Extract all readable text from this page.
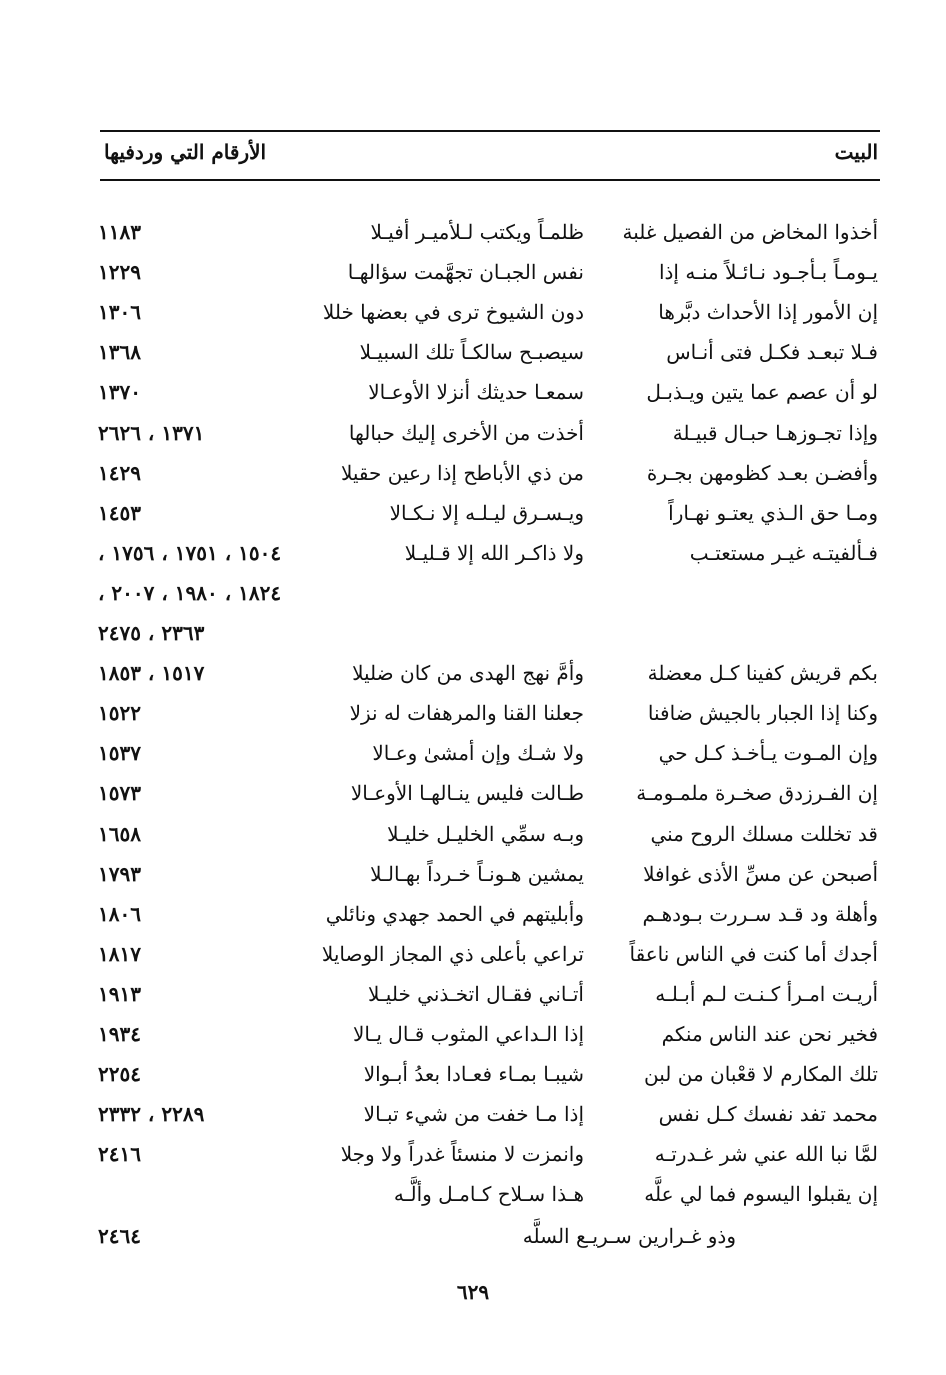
البيت
الأرقام التي وردفيها
أخذوا المخاض من الفصيل غلبة
ظلمـاً ويكتب لـلأميـر أفيـلا
١١٨٣
يـومـاً بـأجـود نـائـلاً منـه إذا
نفس الجبـان تجهَّمت سؤالهـا
١٢٢٩
إن الأمور إذا الأحداث دبَّرها
دون الشيوخ ترى في بعضها خللا
١٣٠٦
فـلا تبعـد فكـل فتى أنـاس
سيصبـح سالكـاً تلك السبيـلا
١٣٦٨
لو أن عصم عما يتين ويـذبـل
سمعـا حديثك أنزلا الأوعـالا
١٣٧٠
وإذا تجـوزهـا حبـال قبيـلة
أخذت من الأخرى إليك حبالها
١٣٧١ ، ٢٦٢٦
وأفضـن بعـد كظومهن بجـرة
من ذي الأباطح إذا رعين حقيلا
١٤٢٩
ومـا حق الـذي يعتـو نهـاراً
ويـسـرق ليـلـه إلا نـكـالا
١٤٥٣
فـألفيتـه غيـر مستعتـب
ولا ذاكـر الله إلا قـليـلا
١٥٠٤ ، ١٧٥١ ، ١٧٥٦ ،
١٨٢٤ ، ١٩٨٠ ، ٢٠٠٧ ،
٢٣٦٣ ، ٢٤٧٥
بكم قريش كفينا كـل معضلة
وأمَّ نهج الهدى من كان ضليلا
١٥١٧ ، ١٨٥٣
وكنا إذا الجبار بالجيش ضافنا
جعلنا القنا والمرهفات له نزلا
١٥٢٢
وإن المـوت يـأخـذ كـل حي
ولا شـك وإن أمشىٰ وعـالا
١٥٣٧
إن الفـرزدق صخـرة ملمـومـة
طـالت فليس ينـالهـا الأوعـالا
١٥٧٣
قد تخللت مسلك الروح مني
وبـه سمِّي الخليـل خليـلا
١٦٥٨
أصبحن عن مسِّ الأذى غوافلا
يمشين هـونـاً خـرداً بهـالـلا
١٧٩٣
وأهلة ود قـد سـررت بـودهـم
وأبليتهم في الحمد جهدي ونائلي
١٨٠٦
أجدك أما كنت في الناس ناعقاً
تراعي بأعلى ذي المجاز الوصايلا
١٨١٧
أريـت امـرأ كـنـت لـم أبـلـه
أتـاني فقـال اتخـذني خليـلا
١٩١٣
فخير نحن عند الناس منكم
إذا الـداعي المثوب قـال يـالا
١٩٣٤
تلك المكارم لا قعْبان من لبن
شيبـا بمـاء فعـادا بعدُ أبـوالا
٢٢٥٤
محمد تفد نفسك كـل نفس
إذا مـا خفت من شيء تبـالا
٢٢٨٩ ، ٢٣٣٢
لمَّا نبا الله عني شر غـدرتـه
وانمزت لا منسئاً غدراً ولا وجلا
٢٤١٦
إن يقبلوا اليسوم فما لي علَّه
هـذا سـلاح كـامـل وألَّـه
وذو غـرارين سـريـع السلَّه
٢٤٦٤
٦٢٩
